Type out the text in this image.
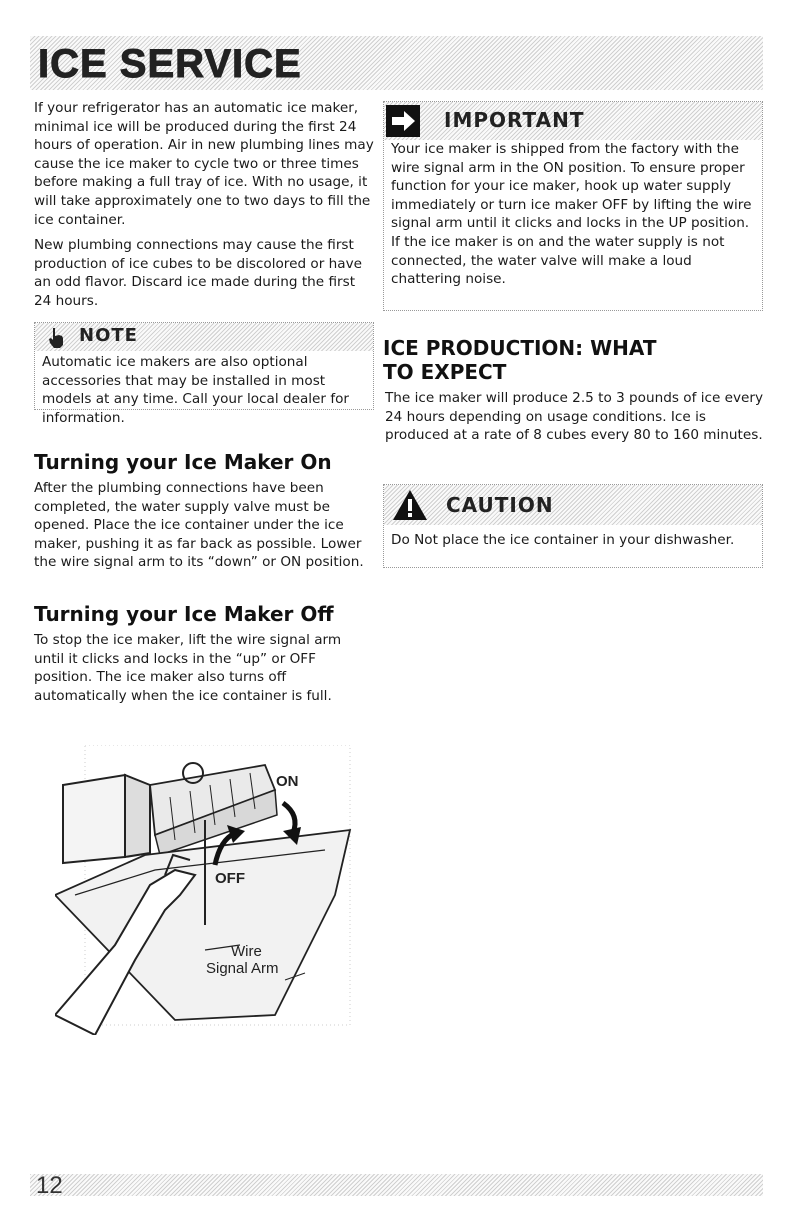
ICE SERVICE

If your refrigerator has an automatic ice maker, minimal ice will be produced during the first 24 hours of operation. Air in new plumbing lines may cause the ice maker to cycle two or three times before making a full tray of ice. With no usage, it will take approximately one to two days to fill the ice container.

New plumbing connections may cause the first production of ice cubes to be discolored or have an odd flavor. Discard ice made during the first 24 hours.

NOTE
Automatic ice makers are also optional accessories that may be installed in most models at any time. Call your local dealer for information.
Turning your Ice Maker On

After the plumbing connections have been completed, the water supply valve must be opened. Place the ice container under the ice maker, pushing it as far back as possible. Lower the wire signal arm to its “down” or ON position.

Turning your Ice Maker Off

To stop the ice maker, lift the wire signal arm until it clicks and locks in the “up” or OFF position. The ice maker also turns off automatically when the ice container is full.

ON
OFF
Wire
Signal Arm
IMPORTANT
Your ice maker is shipped from the factory with the wire signal arm in the ON position. To ensure proper function for your ice maker, hook up water supply immediately or turn ice maker OFF by lifting the wire signal arm until it clicks and locks in the UP position. If the ice maker is on and the water supply is not connected, the water valve will make a loud chattering noise.
ICE PRODUCTION: WHAT
TO EXPECT

The ice maker will produce 2.5 to 3 pounds of ice every 24 hours depending on usage conditions. Ice is produced at a rate of 8 cubes every 80 to 160 minutes.

CAUTION
Do Not place the ice container in your dishwasher.
12
